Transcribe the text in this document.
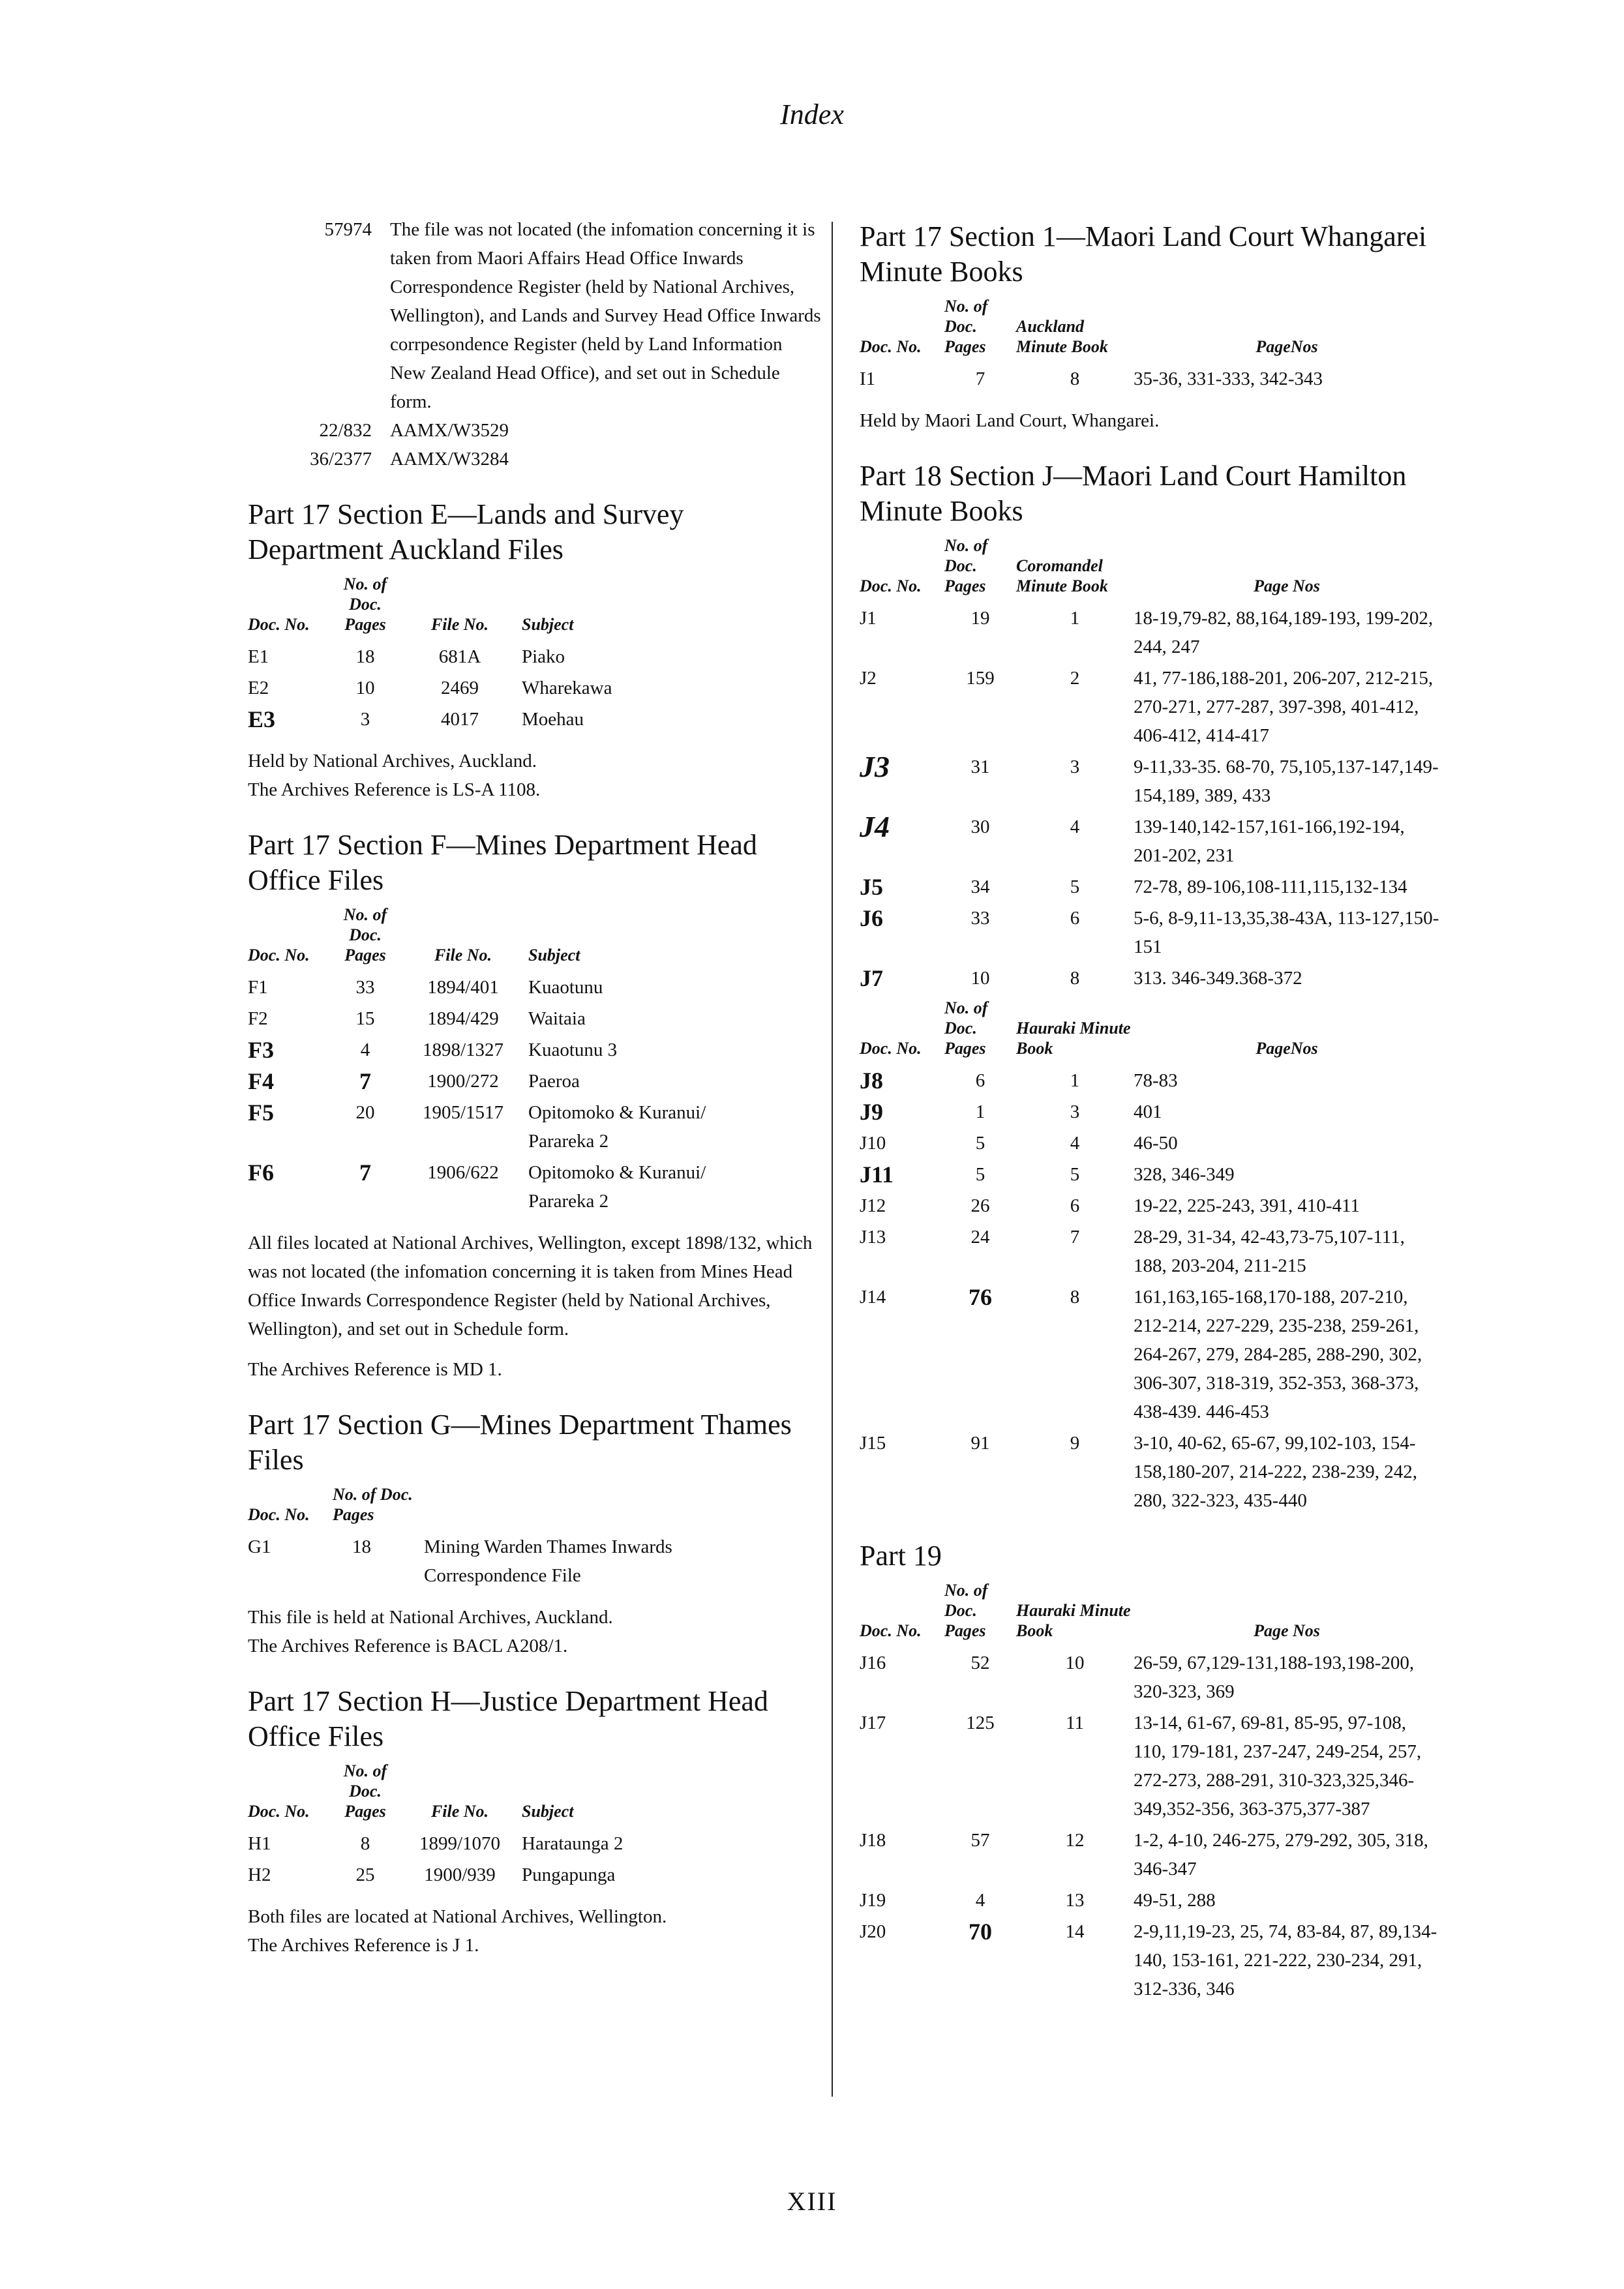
Index
57974 The file was not located (the infomation concerning it is taken from Maori Affairs Head Office Inwards Correspondence Register (held by National Archives, Wellington), and Lands and Survey Head Office Inwards corrpesondence Register (held by Land Information New Zealand Head Office), and set out in Schedule form.
22/832 AAMX/W3529
36/2377 AAMX/W3284
Part 17 Section E—Lands and Survey Department Auckland Files
Doc. No.	No. of Doc. Pages	File No.	Subject
E1	18	681A	Piako
E2	10	2469	Wharekawa
E3	3	4017	Moehau

Held by National Archives, Auckland.

The Archives Reference is LS-A 1108.

Part 17 Section F—Mines Department Head Office Files
Doc. No.	No. of Doc. Pages	File No.	Subject
F1	33	1894/401	Kuaotunu
F2	15	1894/429	Waitaia
F3	4	1898/1327	Kuaotunu 3
F4	7	1900/272	Paeroa
F5	20	1905/1517	Opitomoko & Kuranui/ Parareka 2
F6	7	1906/622	Opitomoko & Kuranui/ Parareka 2

All files located at National Archives, Wellington, except 1898/132, which was not located (the infomation concerning it is taken from Mines Head Office Inwards Correspondence Register (held by National Archives, Wellington), and set out in Schedule form.

The Archives Reference is MD 1.

Part 17 Section G—Mines Department Thames Files
Doc. No.	No. of Doc. Pages	
G1	18	Mining Warden Thames Inwards Correspondence File

This file is held at National Archives, Auckland.

The Archives Reference is BACL A208/1.

Part 17 Section H—Justice Department Head Office Files
Doc. No.	No. of Doc. Pages	File No.	Subject
H1	8	1899/1070	Harataunga 2
H2	25	1900/939	Pungapunga

Both files are located at National Archives, Wellington.

The Archives Reference is J 1.

Part 17 Section 1—Maori Land Court Whangarei Minute Books
Doc. No.	No. of Doc. Pages	Auckland Minute Book	PageNos
I1	7	8	35-36, 331-333, 342-343

Held by Maori Land Court, Whangarei.

Part 18 Section J—Maori Land Court Hamilton Minute Books
Doc. No.	No. of Doc. Pages	Coromandel Minute Book	Page Nos
J1	19	1	18-19,79-82, 88,164,189-193, 199-202, 244, 247
J2	159	2	41, 77-186,188-201, 206-207, 212-215, 270-271, 277-287, 397-398, 401-412, 406-412, 414-417
J3	31	3	9-11,33-35. 68-70, 75,105,137-147,149-154,189, 389, 433
J4	30	4	139-140,142-157,161-166,192-194, 201-202, 231
J5	34	5	72-78, 89-106,108-111,115,132-134
J6	33	6	5-6, 8-9,11-13,35,38-43A, 113-127,150-151
J7	10	8	313. 346-349.368-372
Doc. No.	No. of Doc. Pages	Hauraki Minute Book	PageNos
J8	6	1	78-83
J9	1	3	401
J10	5	4	46-50
J11	5	5	328, 346-349
J12	26	6	19-22, 225-243, 391, 410-411
J13	24	7	28-29, 31-34, 42-43,73-75,107-111, 188, 203-204, 211-215
J14	76	8	161,163,165-168,170-188, 207-210, 212-214, 227-229, 235-238, 259-261, 264-267, 279, 284-285, 288-290, 302, 306-307, 318-319, 352-353, 368-373, 438-439. 446-453
J15	91	9	3-10, 40-62, 65-67, 99,102-103, 154-158,180-207, 214-222, 238-239, 242, 280, 322-323, 435-440
Part 19
Doc. No.	No. of Doc. Pages	Hauraki Minute Book	Page Nos
J16	52	10	26-59, 67,129-131,188-193,198-200, 320-323, 369
J17	125	11	13-14, 61-67, 69-81, 85-95, 97-108, 110, 179-181, 237-247, 249-254, 257, 272-273, 288-291, 310-323,325,346-349,352-356, 363-375,377-387
J18	57	12	1-2, 4-10, 246-275, 279-292, 305, 318, 346-347
J19	4	13	49-51, 288
J20	70	14	2-9,11,19-23, 25, 74, 83-84, 87, 89,134-140, 153-161, 221-222, 230-234, 291, 312-336, 346
XIII
